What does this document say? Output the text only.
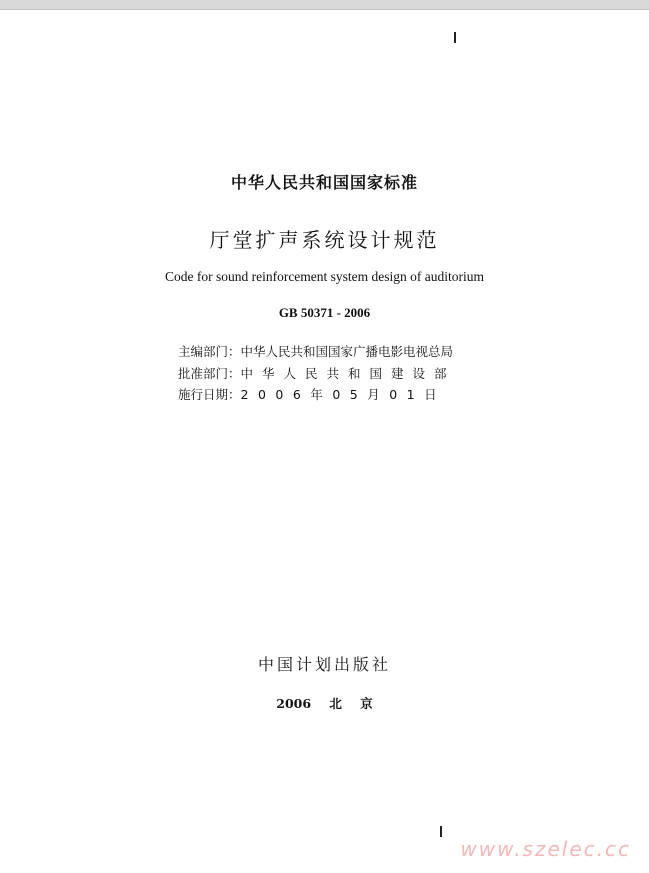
中华人民共和国国家标准
厅堂扩声系统设计规范
Code for sound reinforcement system design of auditorium
GB 50371 - 2006
主编部门：中华人民共和国国家广播电影电视总局
批准部门：中华人民共和国建设部
施行日期：2006年05月01日
中国计划出版社
2006 北 京
www.szelec.cc
